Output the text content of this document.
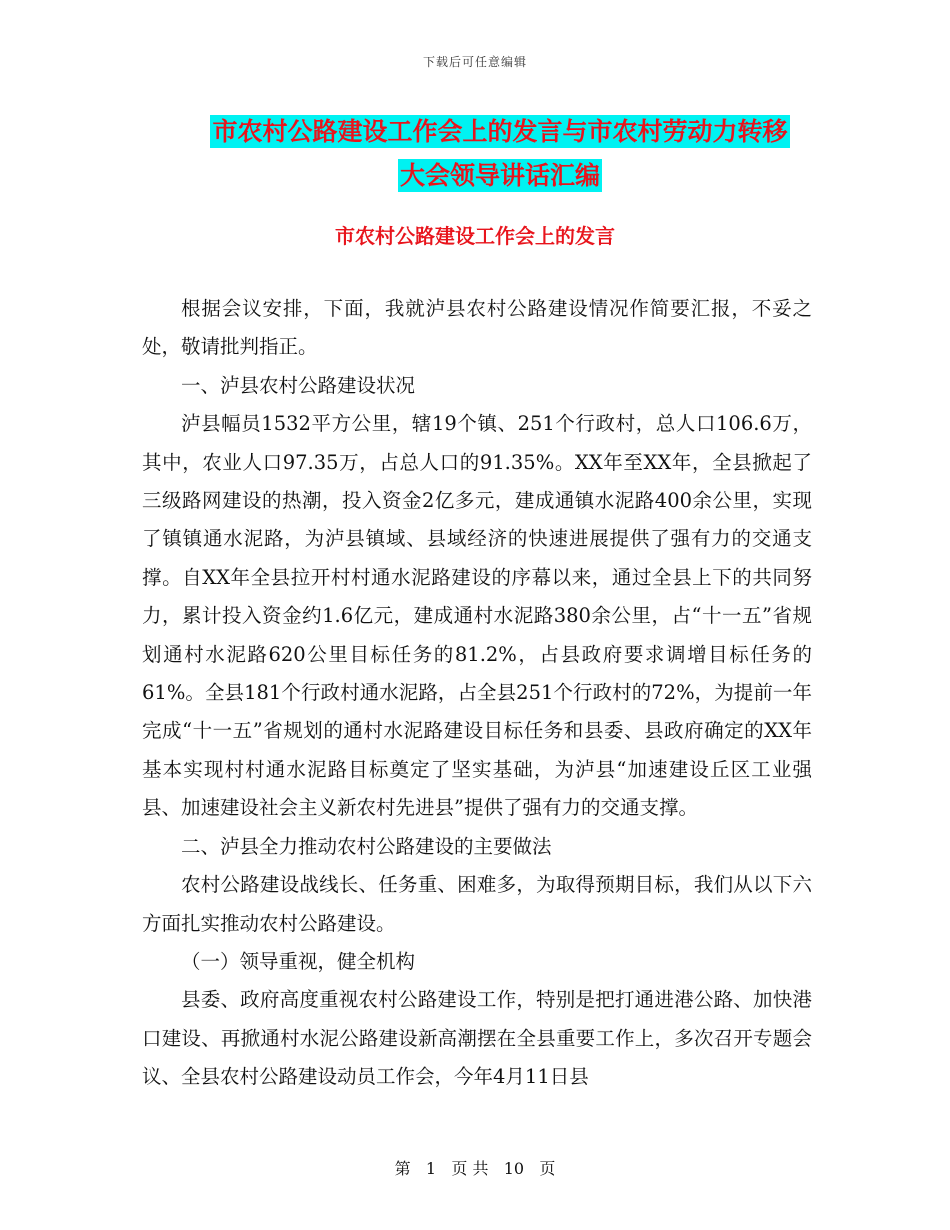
下载后可任意编辑
市农村公路建设工作会上的发言与市农村劳动力转移
大会领导讲话汇编
市农村公路建设工作会上的发言

根据会议安排，下面，我就泸县农村公路建设情况作简要汇报，不妥之处，敬请批判指正。

一、泸县农村公路建设状况

泸县幅员1532平方公里，辖19个镇、251个行政村，总人口106.6万，其中，农业人口97.35万，占总人口的91.35%。XX年至XX年，全县掀起了三级路网建设的热潮，投入资金2亿多元，建成通镇水泥路400余公里，实现了镇镇通水泥路，为泸县镇域、县域经济的快速进展提供了强有力的交通支撑。自XX年全县拉开村村通水泥路建设的序幕以来，通过全县上下的共同努力，累计投入资金约1.6亿元，建成通村水泥路380余公里，占“十一五”省规划通村水泥路620公里目标任务的81.2%，占县政府要求调增目标任务的61%。全县181个行政村通水泥路，占全县251个行政村的72%，为提前一年完成“十一五”省规划的通村水泥路建设目标任务和县委、县政府确定的XX年基本实现村村通水泥路目标奠定了坚实基础，为泸县“加速建设丘区工业强县、加速建设社会主义新农村先进县”提供了强有力的交通支撑。

二、泸县全力推动农村公路建设的主要做法

农村公路建设战线长、任务重、困难多，为取得预期目标，我们从以下六方面扎实推动农村公路建设。

（一）领导重视，健全机构

县委、政府高度重视农村公路建设工作，特别是把打通进港公路、加快港口建设、再掀通村水泥公路建设新高潮摆在全县重要工作上，多次召开专题会议、全县农村公路建设动员工作会，今年4月11日县

第 1 页 共 10 页
